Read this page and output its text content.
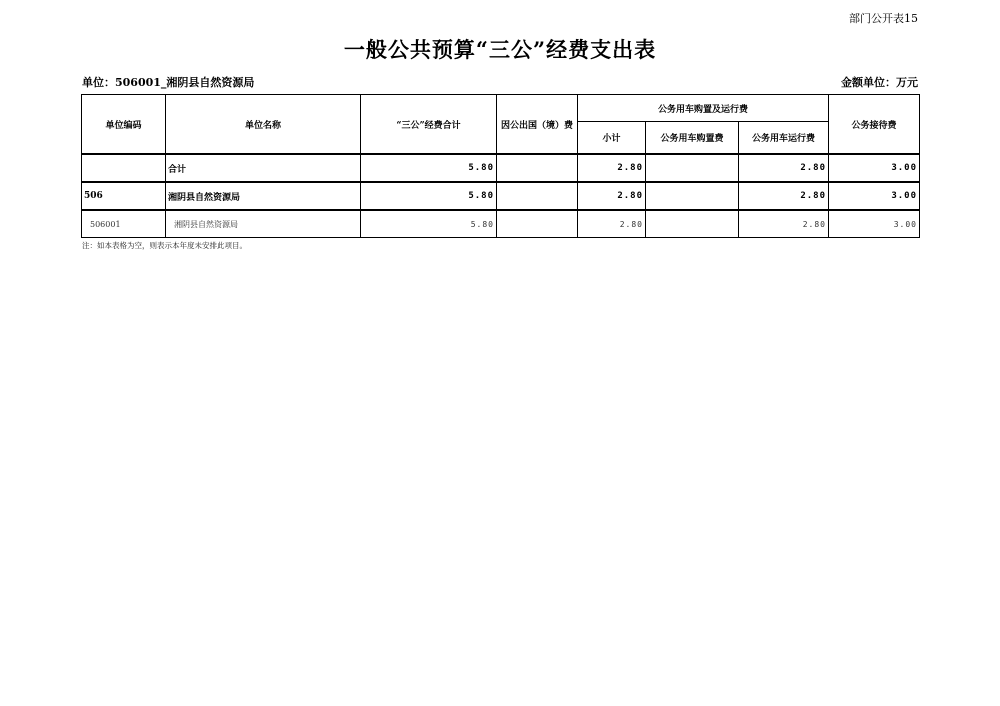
部门公开表15
一般公共预算“三公”经费支出表
单位：506001_湘阴县自然资源局	金额单位：万元
单位编码	单位名称	“三公”经费合计	因公出国（境）费	公务用车购置及运行费			公务接待费
				小计	公务用车购置费	公务用车运行费	
	合计	5.80		2.80		2.80	3.00
506	湘阴县自然资源局	5.80		2.80		2.80	3.00
506001	湘阴县自然资源局	5.80		2.80		2.80	3.00
注：如本表格为空，则表示本年度未安排此项目。
